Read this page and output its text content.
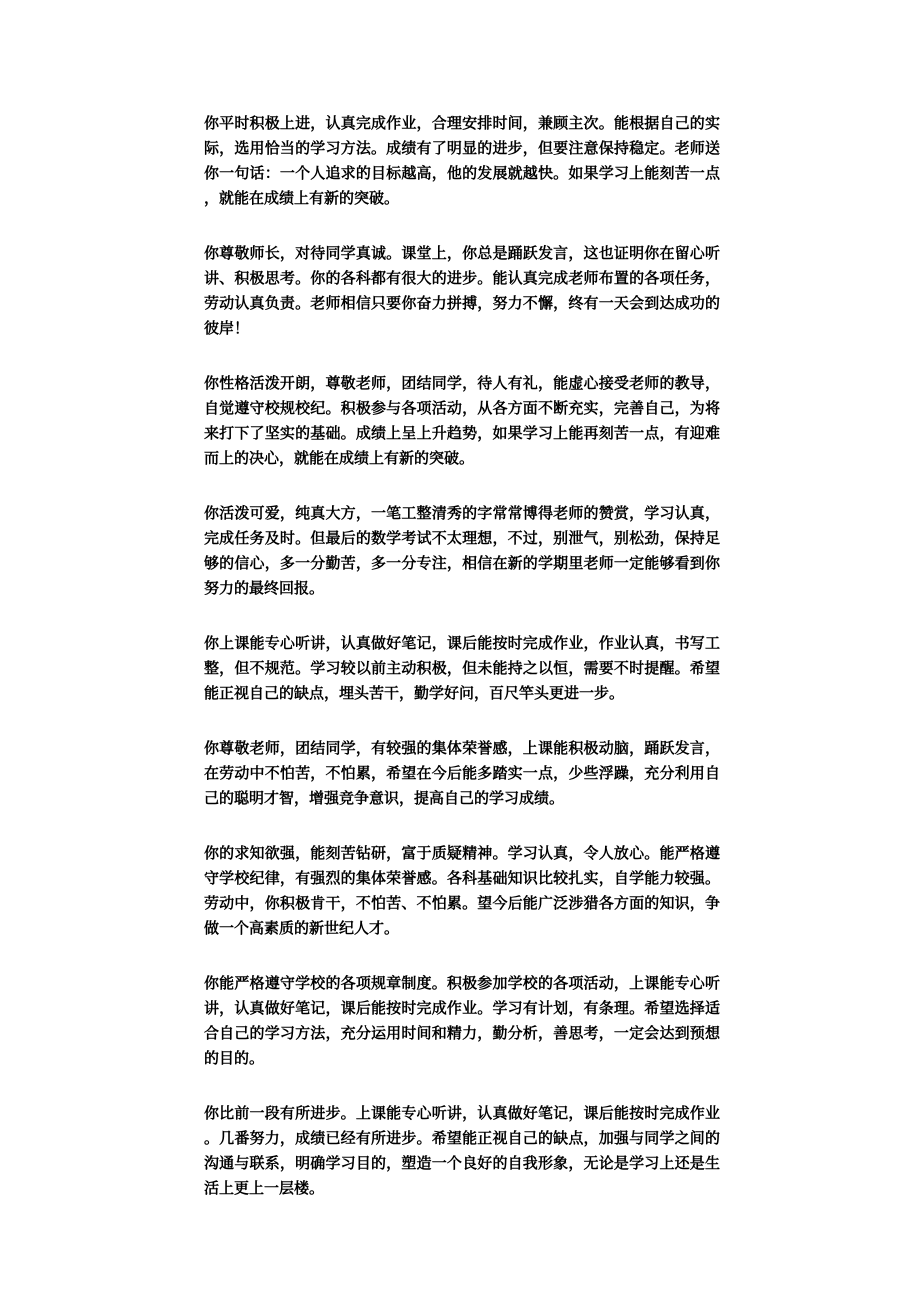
你平时积极上进，认真完成作业，合理安排时间，兼顾主次。能根据自己的实际，选用恰当的学习方法。成绩有了明显的进步，但要注意保持稳定。老师送你一句话：一个人追求的目标越高，他的发展就越快。如果学习上能刻苦一点，就能在成绩上有新的突破。

你尊敬师长，对待同学真诚。课堂上，你总是踊跃发言，这也证明你在留心听讲、积极思考。你的各科都有很大的进步。能认真完成老师布置的各项任务，劳动认真负责。老师相信只要你奋力拼搏，努力不懈，终有一天会到达成功的彼岸！

你性格活泼开朗，尊敬老师，团结同学，待人有礼，能虚心接受老师的教导，自觉遵守校规校纪。积极参与各项活动，从各方面不断充实，完善自己，为将来打下了坚实的基础。成绩上呈上升趋势，如果学习上能再刻苦一点，有迎难而上的决心，就能在成绩上有新的突破。

你活泼可爱，纯真大方，一笔工整清秀的字常常博得老师的赞赏，学习认真，完成任务及时。但最后的数学考试不太理想，不过，别泄气，别松劲，保持足够的信心，多一分勤苦，多一分专注，相信在新的学期里老师一定能够看到你努力的最终回报。

你上课能专心听讲，认真做好笔记，课后能按时完成作业，作业认真，书写工整，但不规范。学习较以前主动积极，但未能持之以恒，需要不时提醒。希望能正视自己的缺点，埋头苦干，勤学好问，百尺竿头更进一步。

你尊敬老师，团结同学，有较强的集体荣誉感，上课能积极动脑，踊跃发言，在劳动中不怕苦，不怕累，希望在今后能多踏实一点，少些浮躁，充分利用自己的聪明才智，增强竞争意识，提高自己的学习成绩。

你的求知欲强，能刻苦钻研，富于质疑精神。学习认真，令人放心。能严格遵守学校纪律，有强烈的集体荣誉感。各科基础知识比较扎实，自学能力较强。劳动中，你积极肯干，不怕苦、不怕累。望今后能广泛涉猎各方面的知识，争做一个高素质的新世纪人才。

你能严格遵守学校的各项规章制度。积极参加学校的各项活动，上课能专心听讲，认真做好笔记，课后能按时完成作业。学习有计划，有条理。希望选择适合自己的学习方法，充分运用时间和精力，勤分析，善思考，一定会达到预想的目的。

你比前一段有所进步。上课能专心听讲，认真做好笔记，课后能按时完成作业。几番努力，成绩已经有所进步。希望能正视自己的缺点，加强与同学之间的沟通与联系，明确学习目的，塑造一个良好的自我形象，无论是学习上还是生活上更上一层楼。
